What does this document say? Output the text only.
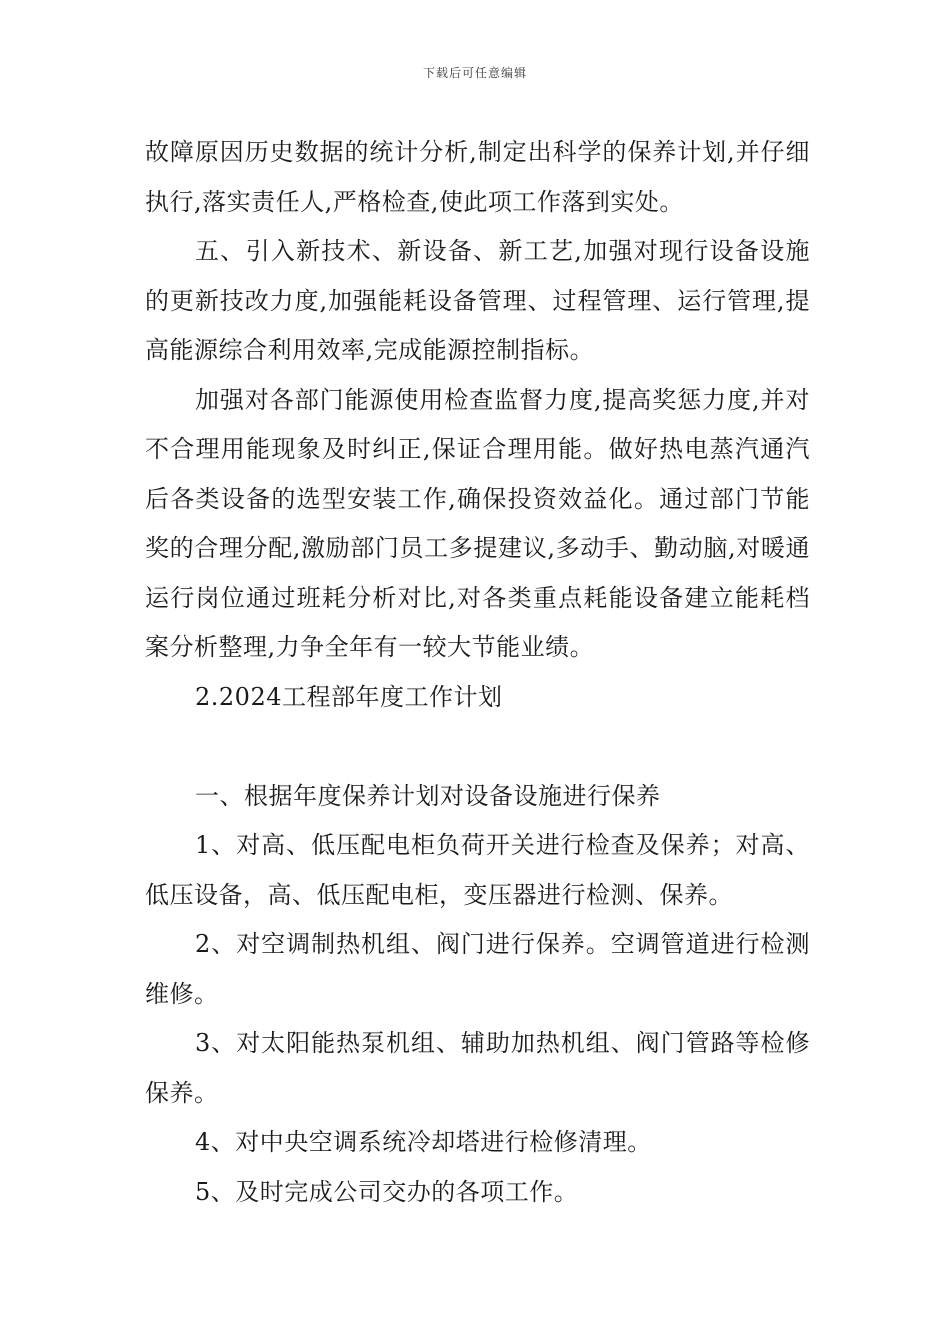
下载后可任意编辑

故障原因历史数据的统计分析,制定出科学的保养计划,并仔细执行,落实责任人,严格检查,使此项工作落到实处。

五、引入新技术、新设备、新工艺,加强对现行设备设施的更新技改力度,加强能耗设备管理、过程管理、运行管理,提高能源综合利用效率,完成能源控制指标。

加强对各部门能源使用检查监督力度,提高奖惩力度,并对不合理用能现象及时纠正,保证合理用能。做好热电蒸汽通汽后各类设备的选型安装工作,确保投资效益化。通过部门节能奖的合理分配,激励部门员工多提建议,多动手、勤动脑,对暖通运行岗位通过班耗分析对比,对各类重点耗能设备建立能耗档案分析整理,力争全年有一较大节能业绩。

2.2024工程部年度工作计划

一、根据年度保养计划对设备设施进行保养

1、对高、低压配电柜负荷开关进行检查及保养；对高、低压设备，高、低压配电柜，变压器进行检测、保养。

2、对空调制热机组、阀门进行保养。空调管道进行检测维修。

3、对太阳能热泵机组、辅助加热机组、阀门管路等检修保养。

4、对中央空调系统冷却塔进行检修清理。

5、及时完成公司交办的各项工作。
